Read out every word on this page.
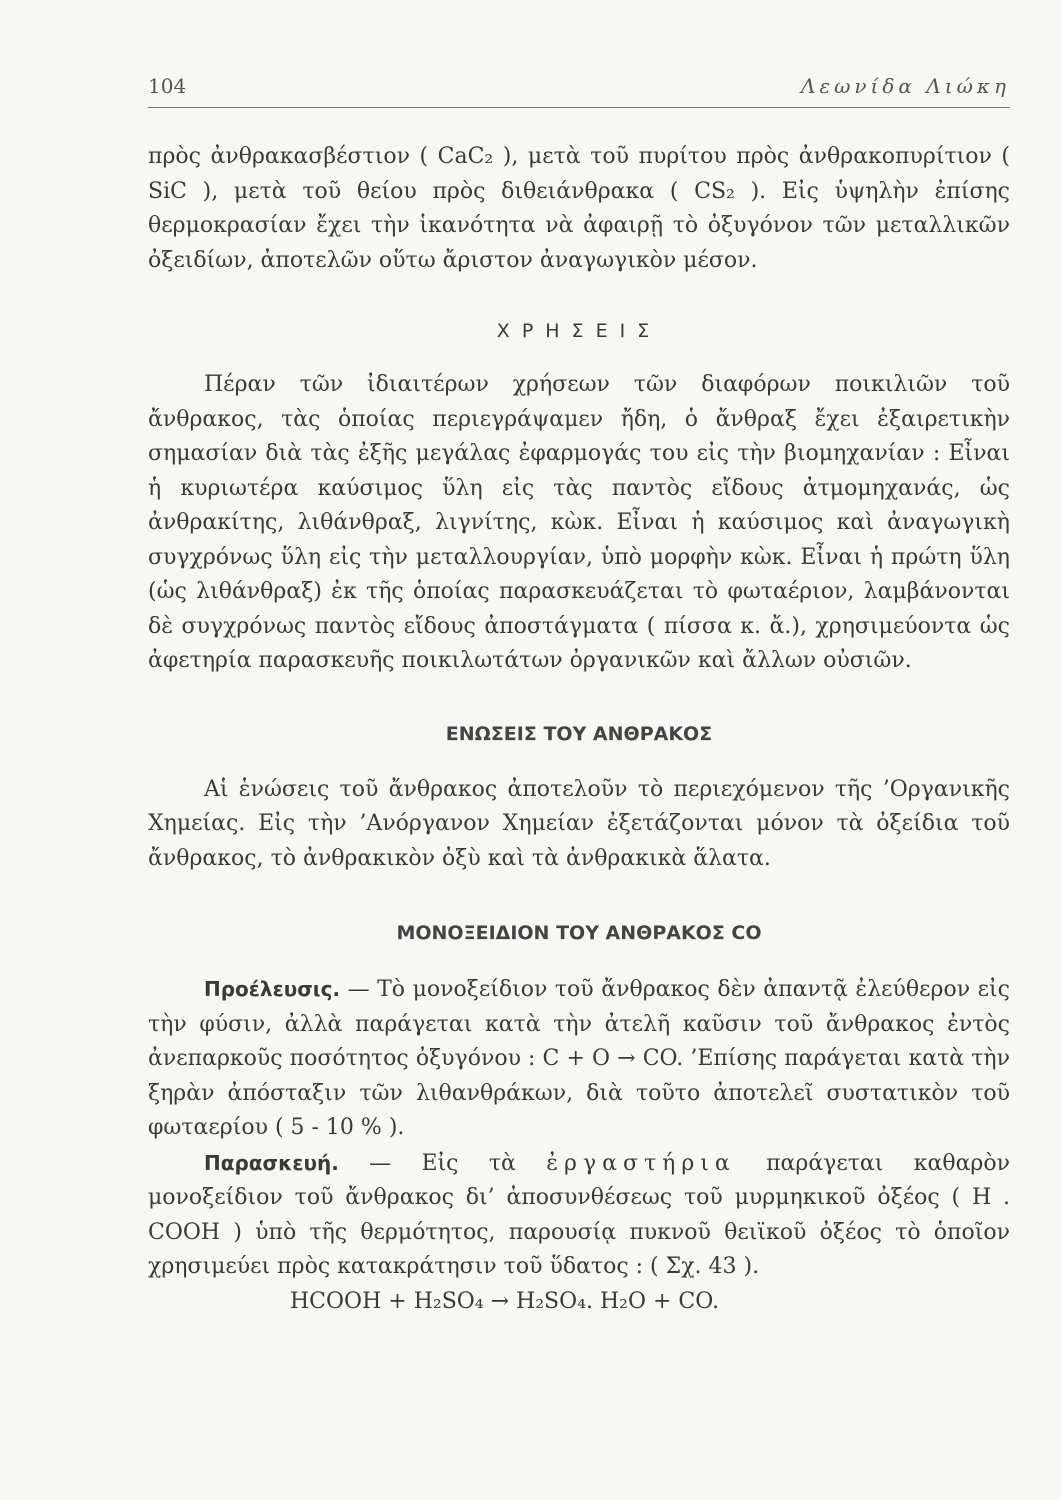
104	Λεωνίδα Λιώκη

πρὸς ἀνθρακασβέστιον ( CaC₂ ), μετὰ τοῦ πυρίτου πρὸς ἀνθρακοπυρίτιον ( SiC ), μετὰ τοῦ θείου πρὸς διθειάνθρακα ( CS₂ ). Εἰς ὑψηλὴν ἐπίσης θερμοκρασίαν ἔχει τὴν ἱκανότητα νὰ ἀφαιρῇ τὸ ὀξυγόνον τῶν μεταλλικῶν ὀξειδίων, ἀποτελῶν οὕτω ἄριστον ἀναγωγικὸν μέσον.

ΧΡΗΣΕΙΣ

Πέραν τῶν ἰδιαιτέρων χρήσεων τῶν διαφόρων ποικιλιῶν τοῦ ἄνθρακος, τὰς ὁποίας περιεγράψαμεν ἤδη, ὁ ἄνθραξ ἔχει ἐξαιρετικὴν σημασίαν διὰ τὰς ἐξῆς μεγάλας ἐφαρμογάς του εἰς τὴν βιομηχανίαν : Εἶναι ἡ κυριωτέρα καύσιμος ὕλη εἰς τὰς παντὸς εἴδους ἀτμομηχανάς, ὡς ἀνθρακίτης, λιθάνθραξ, λιγνίτης, κὼκ. Εἶναι ἡ καύσιμος καὶ ἀναγωγικὴ συγχρόνως ὕλη εἰς τὴν μεταλλουργίαν, ὑπὸ μορφὴν κὼκ. Εἶναι ἡ πρώτη ὕλη (ὡς λιθάνθραξ) ἐκ τῆς ὁποίας παρασκευάζεται τὸ φωταέριον, λαμβάνονται δὲ συγχρόνως παντὸς εἴδους ἀποστάγματα ( πίσσα κ. ἄ.), χρησιμεύοντα ὡς ἀφετηρία παρασκευῆς ποικιλωτάτων ὀργανικῶν καὶ ἄλλων οὐσιῶν.

ΕΝΩΣΕΙΣ ΤΟΥ ΑΝΘΡΑΚΟΣ

Αἱ ἑνώσεις τοῦ ἄνθρακος ἀποτελοῦν τὸ περιεχόμενον τῆς ’Οργανικῆς Χημείας. Εἰς τὴν ’Ανόργανον Χημείαν ἐξετάζονται μόνον τὰ ὀξείδια τοῦ ἄνθρακος, τὸ ἀνθρακικὸν ὀξὺ καὶ τὰ ἀνθρακικὰ ἅλατα.

ΜΟΝΟΞΕΙΔΙΟΝ ΤΟΥ ΑΝΘΡΑΚΟΣ CO

Προέλευσις. — Τὸ μονοξείδιον τοῦ ἄνθρακος δὲν ἀπαντᾷ ἐλεύθερον εἰς τὴν φύσιν, ἀλλὰ παράγεται κατὰ τὴν ἀτελῆ καῦσιν τοῦ ἄνθρακος ἐντὸς ἀνεπαρκοῦς ποσότητος ὀξυγόνου : C + O → CO. ’Επίσης παράγεται κατὰ τὴν ξηρὰν ἀπόσταξιν τῶν λιθανθράκων, διὰ τοῦτο ἀποτελεῖ συστατικὸν τοῦ φωταερίου ( 5 - 10 % ).

Παρασκευή. — Εἰς τὰ ἐργαστήρια παράγεται καθαρὸν μονοξείδιον τοῦ ἄνθρακος δι’ ἀποσυνθέσεως τοῦ μυρμηκικοῦ ὀξέος ( H . COOH ) ὑπὸ τῆς θερμότητος, παρουσίᾳ πυκνοῦ θειϊκοῦ ὀξέος τὸ ὁποῖον χρησιμεύει πρὸς κατακράτησιν τοῦ ὕδατος : ( Σχ. 43 ).

HCOOH + H₂SO₄ → H₂SO₄. H₂O + CO.
